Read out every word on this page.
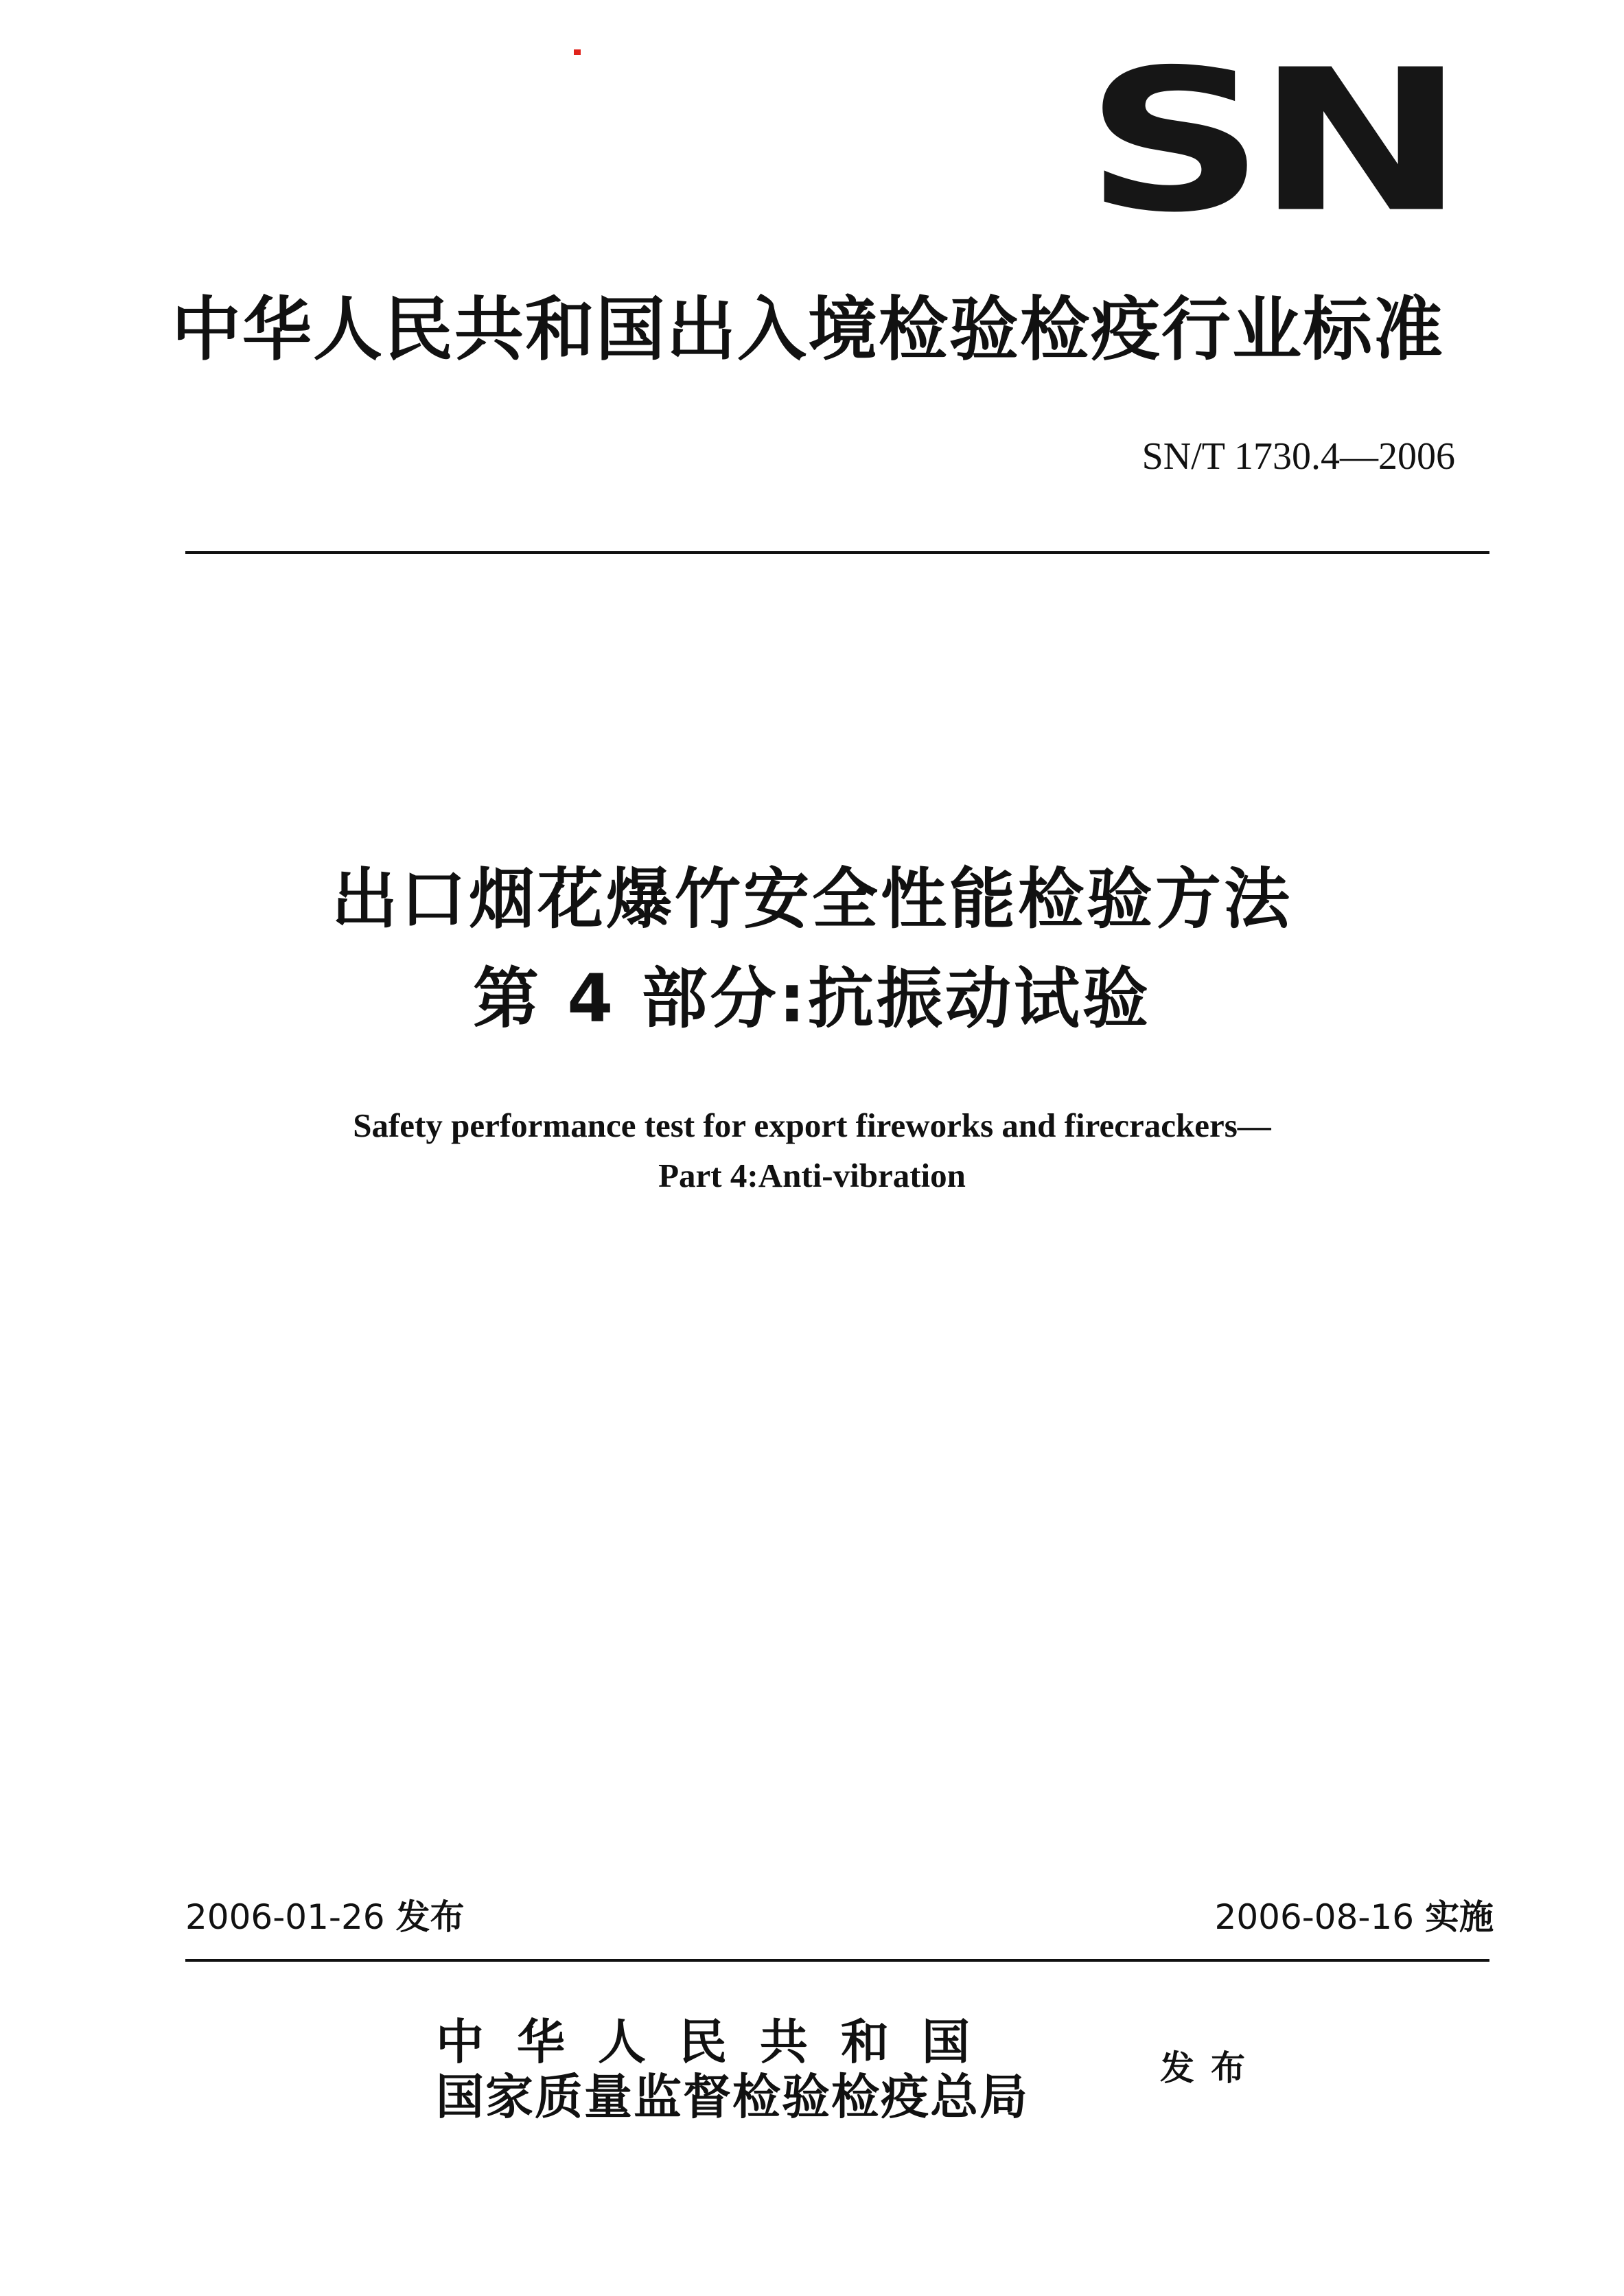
SN
中华人民共和国出入境检验检疫行业标准
SN/T 1730.4—2006
出口烟花爆竹安全性能检验方法
第 4 部分:抗振动试验
Safety performance test for export fireworks and firecrackers—
Part 4:Anti-vibration
2006-01-26 发布	2006-08-16 实施
中华人民共和国
国家质量监督检验检疫总局	发布
